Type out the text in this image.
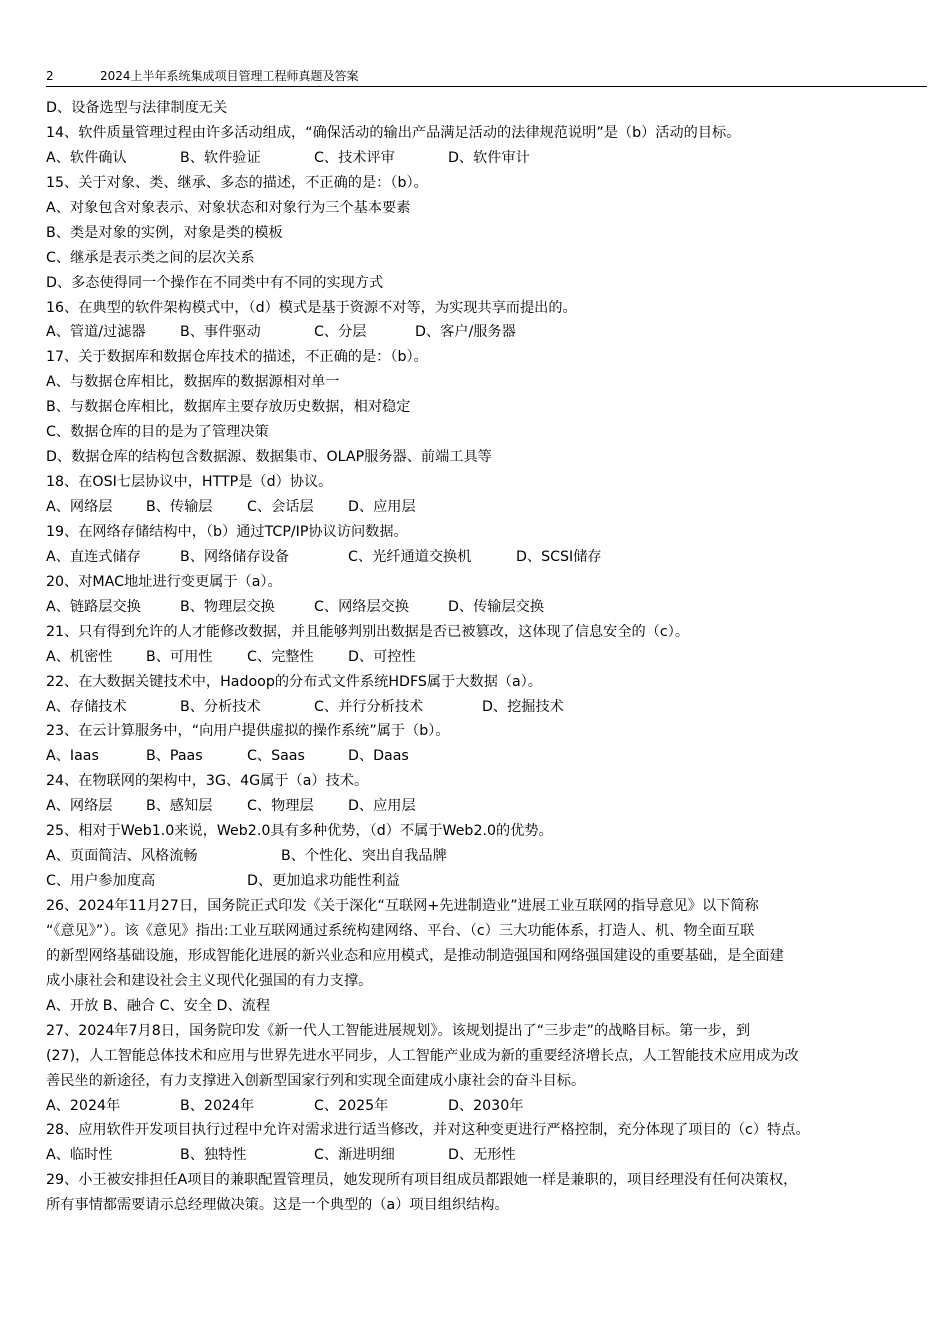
2	2024上半年系统集成项目管理工程师真题及答案
D、设备选型与法律制度无关
14、软件质量管理过程由许多活动组成，“确保活动的输出产品满足活动的法律规范说明”是（b）活动的目标。
A、软件确认	B、软件验证	C、技术评审	D、软件审计
15、关于对象、类、继承、多态的描述，不正确的是：（b）。
A、对象包含对象表示、对象状态和对象行为三个基本要素
B、类是对象的实例，对象是类的模板
C、继承是表示类之间的层次关系
D、多态使得同一个操作在不同类中有不同的实现方式
16、在典型的软件架构模式中，（d）模式是基于资源不对等，为实现共享而提出的。
A、管道/过滤器 B、事件驱动	C、分层	D、客户/服务器
17、关于数据库和数据仓库技术的描述，不正确的是：（b）。
A、与数据仓库相比，数据库的数据源相对单一
B、与数据仓库相比，数据库主要存放历史数据，相对稳定
C、数据仓库的目的是为了管理决策
D、数据仓库的结构包含数据源、数据集市、OLAP服务器、前端工具等
18、在OSI七层协议中，HTTP是（d）协议。
A、网络层 B、传输层 C、会话层 D、应用层
19、在网络存储结构中，（b）通过TCP/IP协议访问数据。
A、直连式储存	B、网络储存设备	C、光纤通道交换机	D、SCSI储存
20、对MAC地址进行变更属于（a）。
A、链路层交换	B、物理层交换	C、网络层交换	D、传输层交换
21、只有得到允许的人才能修改数据，并且能够判别出数据是否已被篡改，这体现了信息安全的（c）。
A、机密性 B、可用性 C、完整性 D、可控性
22、在大数据关键技术中，Hadoop的分布式文件系统HDFS属于大数据（a）。
A、存储技术	B、分析技术	C、并行分析技术	D、挖掘技术
23、在云计算服务中，“向用户提供虚拟的操作系统”属于（b）。
A、Iaas	B、Paas	C、Saas	D、Daas
24、在物联网的架构中，3G、4G属于（a）技术。
A、网络层 B、感知层 C、物理层 D、应用层
25、相对于Web1.0来说，Web2.0具有多种优势，（d）不属于Web2.0的优势。
A、页面简洁、风格流畅	B、个性化、突出自我品牌
C、用户参加度高	D、更加追求功能性利益
26、2024年11月27日，国务院正式印发《关于深化“互联网+先进制造业”进展工业互联网的指导意见》以下简称
“《意见》”）。该《意见》指出:工业互联网通过系统构建网络、平台、（c）三大功能体系，打造人、机、物全面互联
的新型网络基础设施，形成智能化进展的新兴业态和应用模式，是推动制造强国和网络强国建设的重要基础，是全面建
成小康社会和建设社会主义现代化强国的有力支撑。
A、开放 B、融合 C、安全 D、流程
27、2024年7月8日，国务院印发《新一代人工智能进展规划》。该规划提出了“三步走”的战略目标。第一步，到
(27)，人工智能总体技术和应用与世界先进水平同步，人工智能产业成为新的重要经济增长点，人工智能技术应用成为改
善民坐的新途径，有力支撑进入创新型国家行列和实现全面建成小康社会的奋斗目标。
A、2024年	B、2024年	C、2025年	D、2030年
28、应用软件开发项目执行过程中允许对需求进行适当修改，并对这种变更进行严格控制，充分体现了项目的（c）特点。
A、临时性	B、独特性	C、渐进明细	D、无形性
29、小王被安排担任A项目的兼职配置管理员，她发现所有项目组成员都跟她一样是兼职的，项目经理没有任何决策权，
所有事情都需要请示总经理做决策。这是一个典型的（a）项目组织结构。
